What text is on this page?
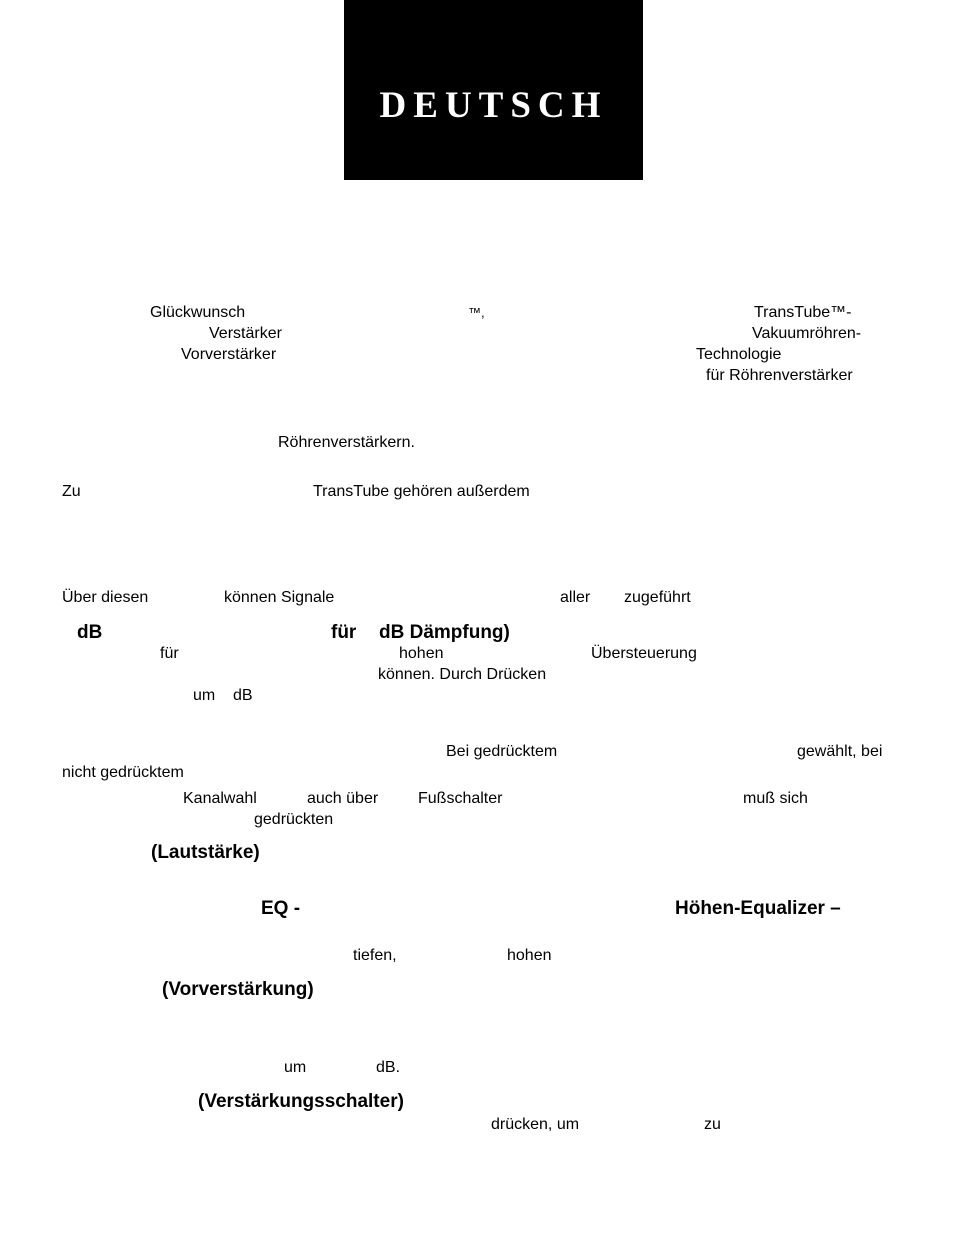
DEUTSCH
Glückwunsch	™,	TransTube™-
Verstärker	Vakuumröhren-
Vorverstärker	Technologie
für Röhrenverstärker
Röhrenverstärkern.
Zu	TransTube gehören außerdem
Über diesen	können Signale	aller zugeführt
dB	für dB Dämpfung)
für	hohen	Übersteuerung
können. Durch Drücken
um dB
Bei gedrücktem	gewählt, bei
nicht gedrücktem
Kanalwahl	auch über Fußschalter	muß sich
gedrückten
(Lautstärke)
EQ -	Höhen-Equalizer –
tiefen,	hohen
(Vorverstärkung)
um	dB.
(Verstärkungsschalter)
drücken, um	zu
